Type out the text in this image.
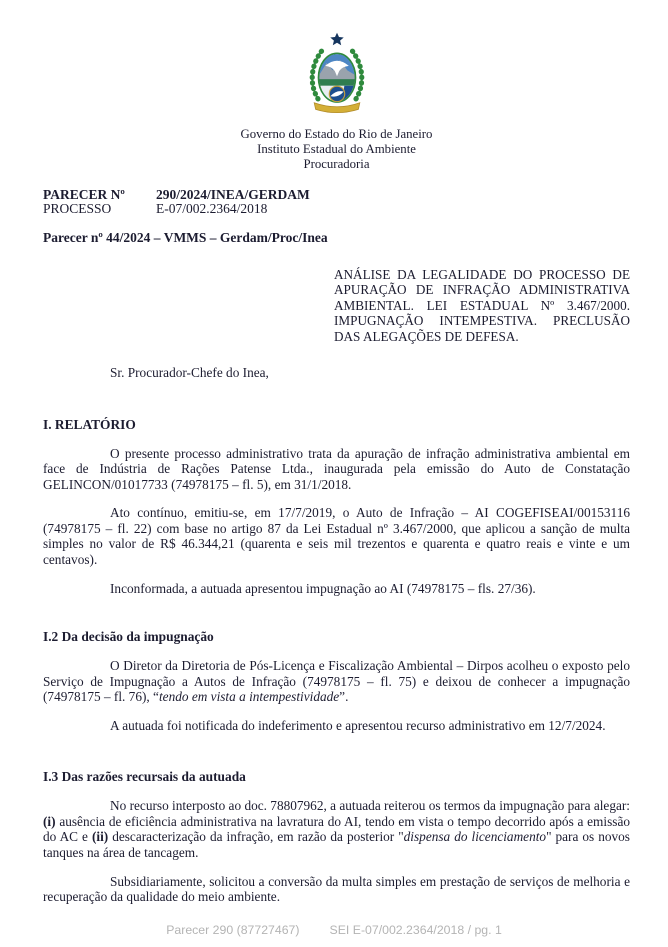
Governo do Estado do Rio de Janeiro
Instituto Estadual do Ambiente
Procuradoria
PARECER Nº	290/2024/INEA/GERDAM
PROCESSO	E-07/002.2364/2018
Parecer nº 44/2024 – VMMS – Gerdam/Proc/Inea
ANÁLISE DA LEGALIDADE DO PROCESSO DE APURAÇÃO DE INFRAÇÃO ADMINISTRATIVA AMBIENTAL. LEI ESTADUAL Nº 3.467/2000. IMPUGNAÇÃO INTEMPESTIVA. PRECLUSÃO DAS ALEGAÇÕES DE DEFESA.
Sr. Procurador-Chefe do Inea,
I. RELATÓRIO

O presente processo administrativo trata da apuração de infração administrativa ambiental em face de Indústria de Rações Patense Ltda., inaugurada pela emissão do Auto de Constatação GELINCON/01017733 (74978175 – fl. 5), em 31/1/2018.

Ato contínuo, emitiu-se, em 17/7/2019, o Auto de Infração – AI COGEFISEAI/00153116 (74978175 – fl. 22) com base no artigo 87 da Lei Estadual nº 3.467/2000, que aplicou a sanção de multa simples no valor de R$ 46.344,21 (quarenta e seis mil trezentos e quarenta e quatro reais e vinte e um centavos).

Inconformada, a autuada apresentou impugnação ao AI (74978175 – fls. 27/36).

I.2 Da decisão da impugnação

O Diretor da Diretoria de Pós-Licença e Fiscalização Ambiental – Dirpos acolheu o exposto pelo Serviço de Impugnação a Autos de Infração (74978175 – fl. 75) e deixou de conhecer a impugnação (74978175 – fl. 76), “tendo em vista a intempestividade”.

A autuada foi notificada do indeferimento e apresentou recurso administrativo em 12/7/2024.

I.3 Das razões recursais da autuada

No recurso interposto ao doc. 78807962, a autuada reiterou os termos da impugnação para alegar: (i) ausência de eficiência administrativa na lavratura do AI, tendo em vista o tempo decorrido após a emissão do AC e (ii) descaracterização da infração, em razão da posterior "dispensa do licenciamento" para os novos tanques na área de tancagem.

Subsidiariamente, solicitou a conversão da multa simples em prestação de serviços de melhoria e recuperação da qualidade do meio ambiente.

Parecer 290 (87727467) SEI E-07/002.2364/2018 / pg. 1
